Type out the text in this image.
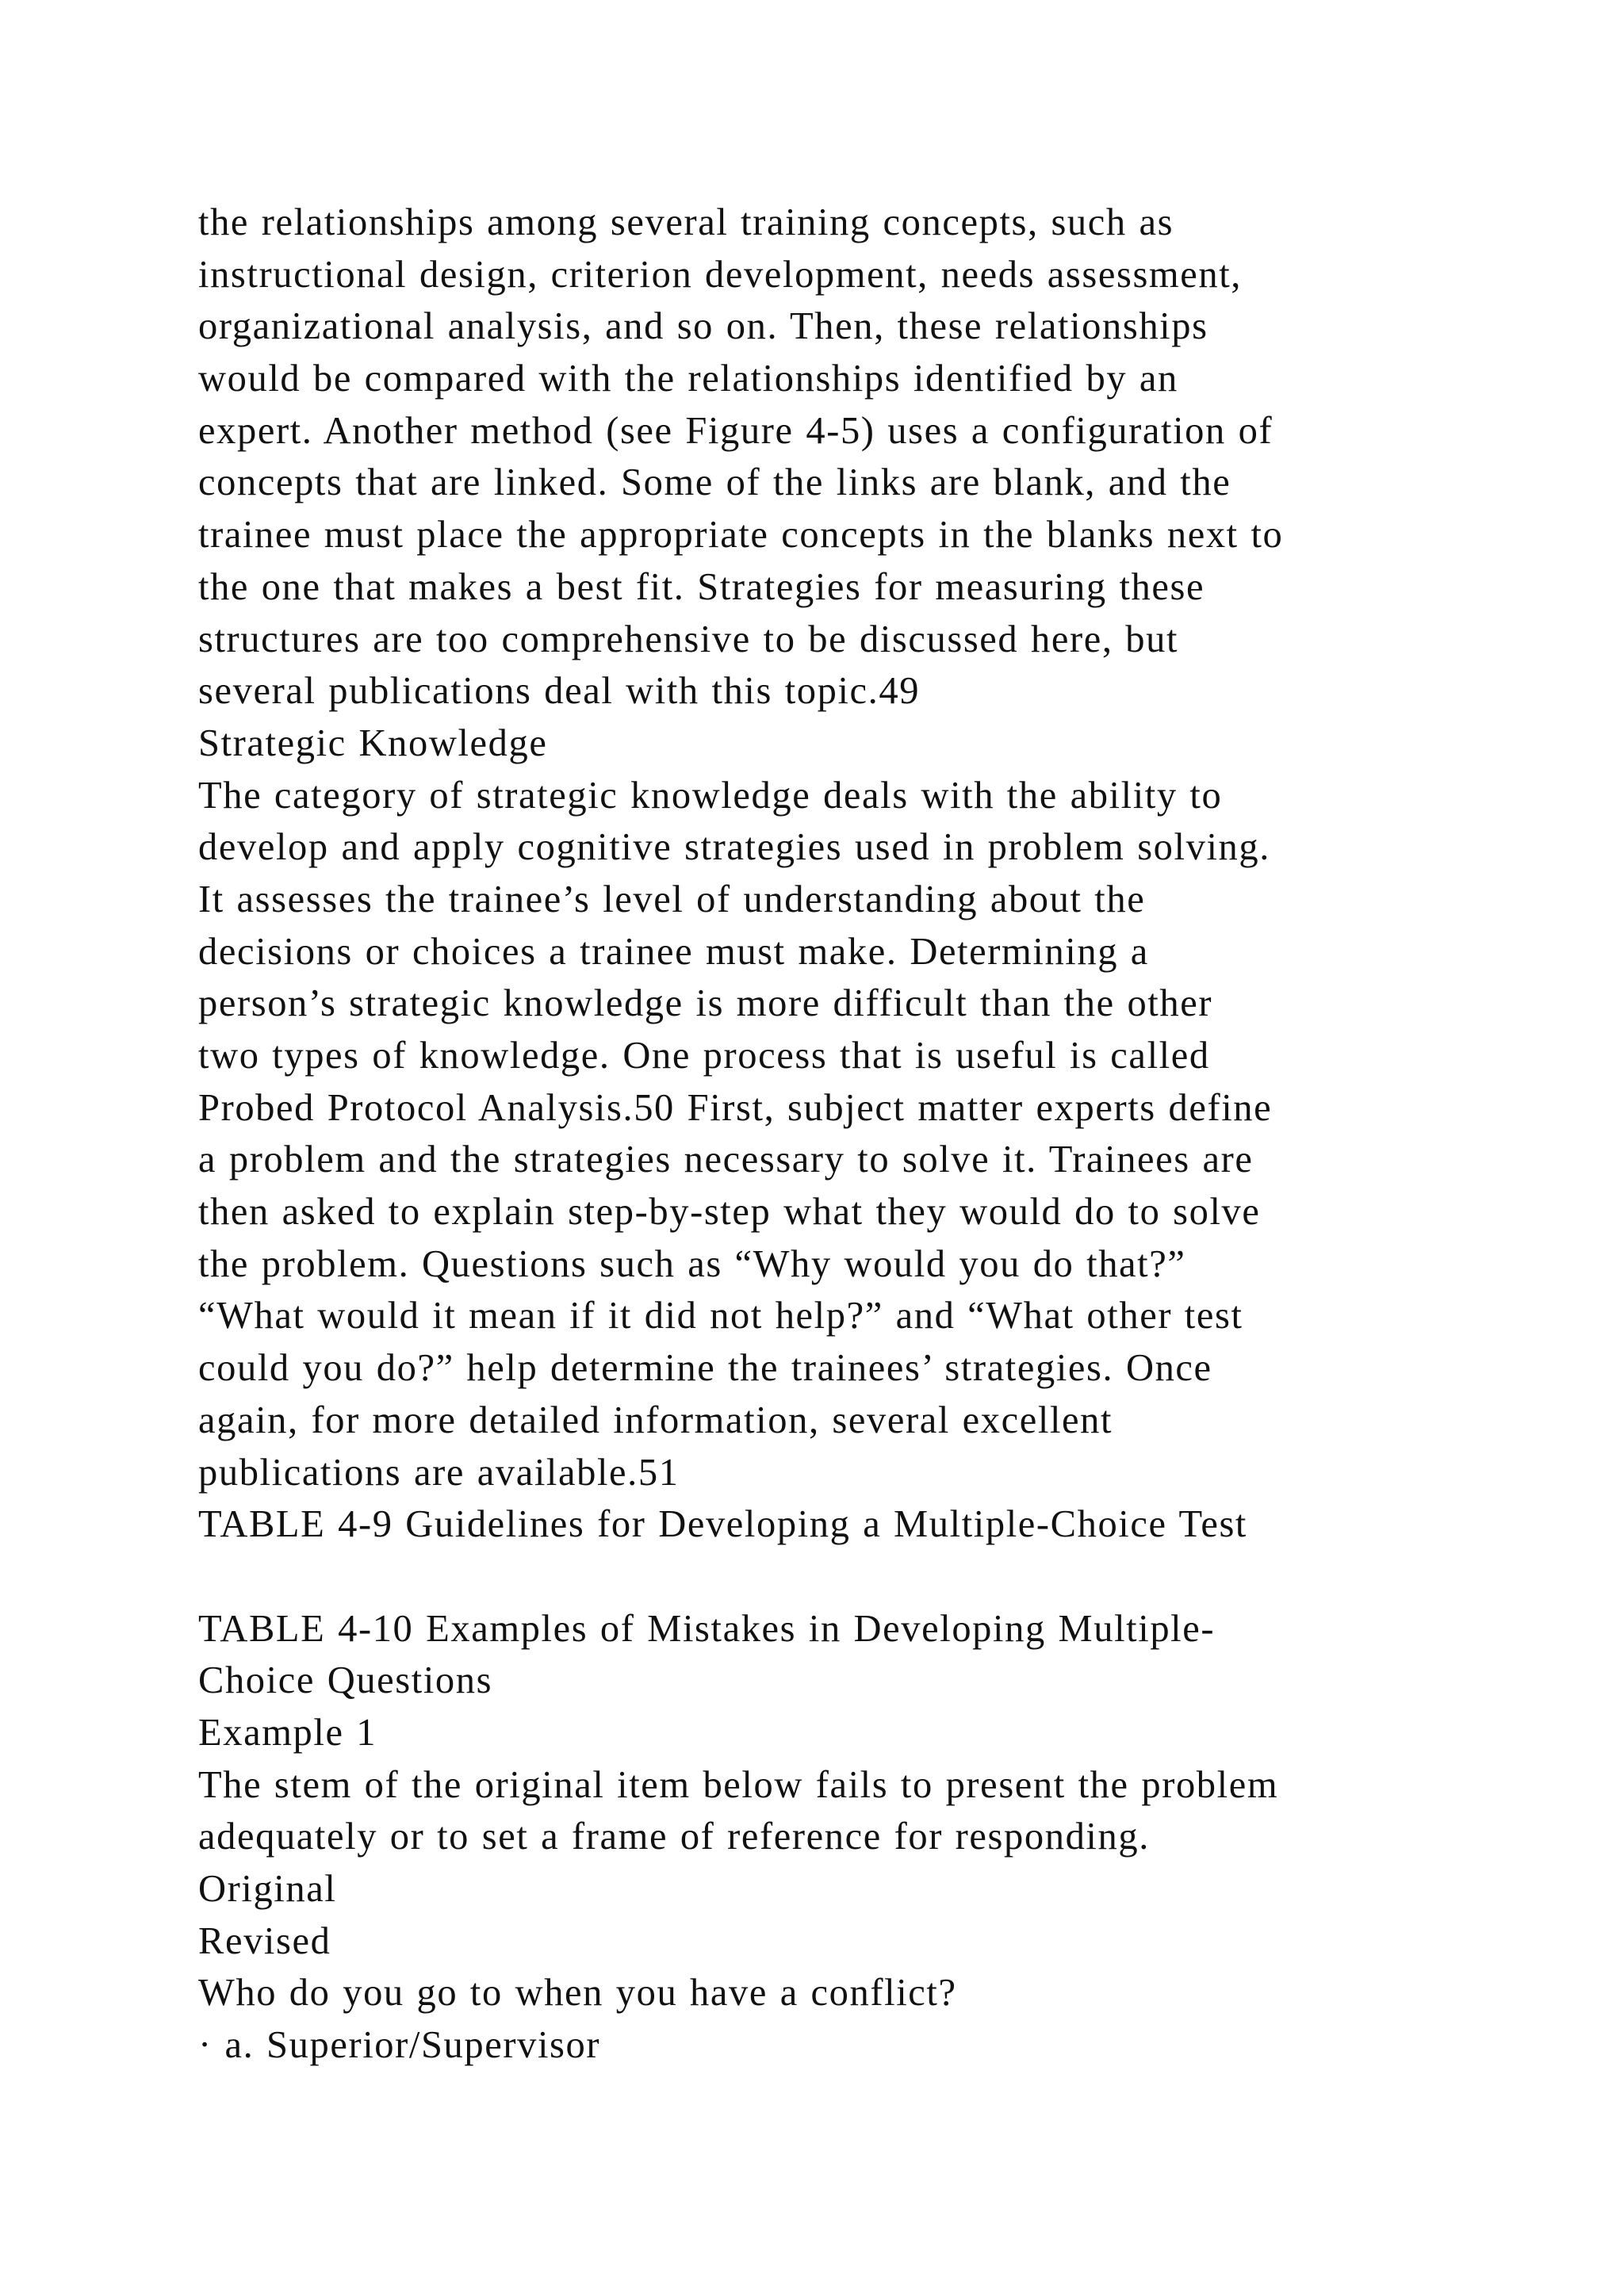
the relationships among several training concepts, such as
instructional design, criterion development, needs assessment,
organizational analysis, and so on. Then, these relationships
would be compared with the relationships identified by an
expert. Another method (see Figure 4-5) uses a configuration of
concepts that are linked. Some of the links are blank, and the
trainee must place the appropriate concepts in the blanks next to
the one that makes a best fit. Strategies for measuring these
structures are too comprehensive to be discussed here, but
several publications deal with this topic.49
Strategic Knowledge
The category of strategic knowledge deals with the ability to
develop and apply cognitive strategies used in problem solving.
It assesses the trainee’s level of understanding about the
decisions or choices a trainee must make. Determining a
person’s strategic knowledge is more difficult than the other
two types of knowledge. One process that is useful is called
Probed Protocol Analysis.50 First, subject matter experts define
a problem and the strategies necessary to solve it. Trainees are
then asked to explain step-by-step what they would do to solve
the problem. Questions such as “Why would you do that?”
“What would it mean if it did not help?” and “What other test
could you do?” help determine the trainees’ strategies. Once
again, for more detailed information, several excellent
publications are available.51
TABLE 4-9 Guidelines for Developing a Multiple-Choice Test
TABLE 4-10 Examples of Mistakes in Developing Multiple-
Choice Questions
Example 1
The stem of the original item below fails to present the problem
adequately or to set a frame of reference for responding.
Original
Revised
Who do you go to when you have a conflict?
· a. Superior/Supervisor
